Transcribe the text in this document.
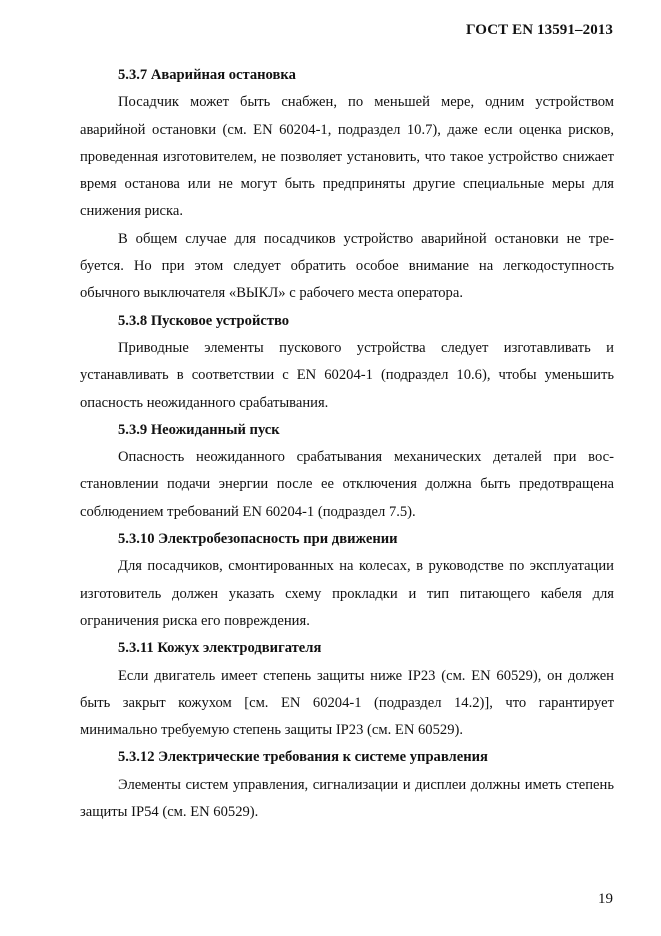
ГОСТ EN 13591–2013

5.3.7 Аварийная остановка

Посадчик может быть снабжен, по меньшей мере, одним устройством аварийной остановки (см. EN 60204-1, подраздел 10.7), даже если оценка рисков, проведенная изготовителем, не позволяет установить, что такое устройство снижает время останова или не могут быть предприняты другие специальные меры для снижения риска.

В общем случае для посадчиков устройство аварийной остановки не требуется. Но при этом следует обратить особое внимание на легкодоступность обычного выключателя «ВЫКЛ» с рабочего места оператора.

5.3.8 Пусковое устройство

Приводные элементы пускового устройства следует изготавливать и устанавливать в соответствии с EN 60204-1 (подраздел 10.6), чтобы уменьшить опасность неожиданного срабатывания.

5.3.9 Неожиданный пуск

Опасность неожиданного срабатывания механических деталей при восстановлении подачи энергии после ее отключения должна быть предотвращена соблюдением требований EN 60204-1 (подраздел 7.5).

5.3.10 Электробезопасность при движении

Для посадчиков, смонтированных на колесах, в руководстве по эксплуатации изготовитель должен указать схему прокладки и тип питающего кабеля для ограничения риска его повреждения.

5.3.11 Кожух электродвигателя

Если двигатель имеет степень защиты ниже IP23 (см. EN 60529), он должен быть закрыт кожухом [см. EN 60204-1 (подраздел 14.2)], что гарантирует минимально требуемую степень защиты IP23 (см. EN 60529).

5.3.12 Электрические требования к системе управления

Элементы систем управления, сигнализации и дисплеи должны иметь степень защиты IP54 (см. EN 60529).

19
